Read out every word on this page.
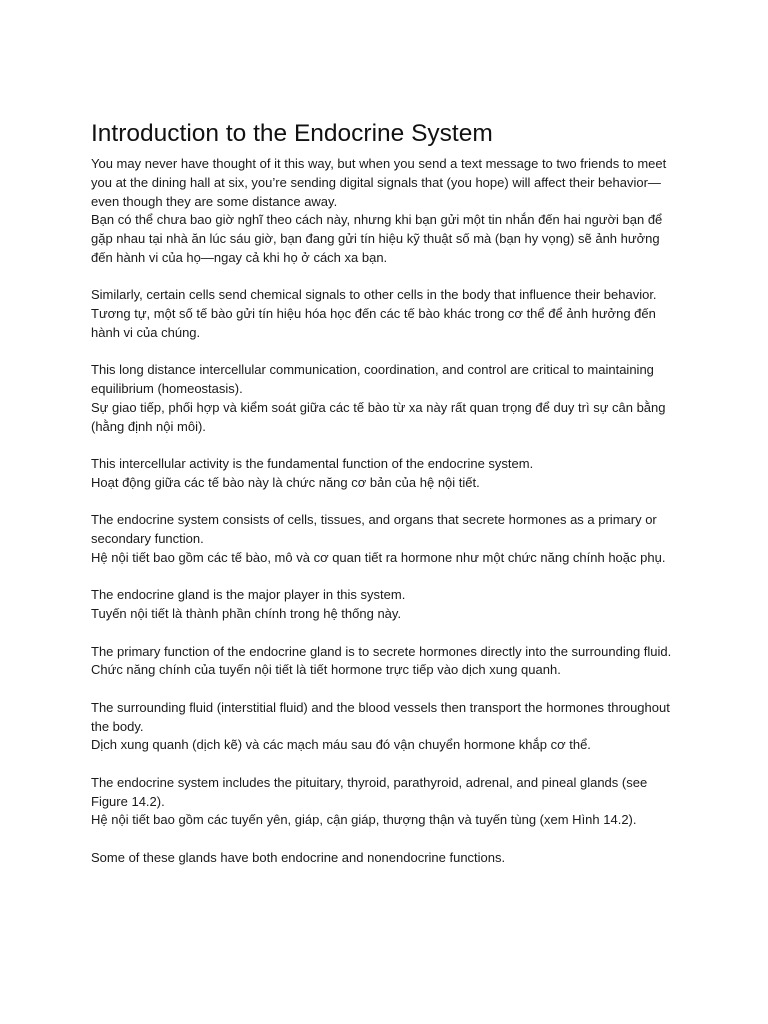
Introduction to the Endocrine System

You may never have thought of it this way, but when you send a text message to two friends to meet you at the dining hall at six, you’re sending digital signals that (you hope) will affect their behavior—even though they are some distance away.
Bạn có thể chưa bao giờ nghĩ theo cách này, nhưng khi bạn gửi một tin nhắn đến hai người bạn để gặp nhau tại nhà ăn lúc sáu giờ, bạn đang gửi tín hiệu kỹ thuật số mà (bạn hy vọng) sẽ ảnh hưởng đến hành vi của họ—ngay cả khi họ ở cách xa bạn.

Similarly, certain cells send chemical signals to other cells in the body that influence their behavior.
Tương tự, một số tế bào gửi tín hiệu hóa học đến các tế bào khác trong cơ thể để ảnh hưởng đến hành vi của chúng.

This long distance intercellular communication, coordination, and control are critical to maintaining equilibrium (homeostasis).
Sự giao tiếp, phối hợp và kiểm soát giữa các tế bào từ xa này rất quan trọng để duy trì sự cân bằng (hằng định nội môi).

This intercellular activity is the fundamental function of the endocrine system.
Hoạt động giữa các tế bào này là chức năng cơ bản của hệ nội tiết.

The endocrine system consists of cells, tissues, and organs that secrete hormones as a primary or secondary function.
Hệ nội tiết bao gồm các tế bào, mô và cơ quan tiết ra hormone như một chức năng chính hoặc phụ.

The endocrine gland is the major player in this system.
Tuyến nội tiết là thành phần chính trong hệ thống này.

The primary function of the endocrine gland is to secrete hormones directly into the surrounding fluid.
Chức năng chính của tuyến nội tiết là tiết hormone trực tiếp vào dịch xung quanh.

The surrounding fluid (interstitial fluid) and the blood vessels then transport the hormones throughout the body.
Dịch xung quanh (dịch kẽ) và các mạch máu sau đó vận chuyển hormone khắp cơ thể.

The endocrine system includes the pituitary, thyroid, parathyroid, adrenal, and pineal glands (see Figure 14.2).
Hệ nội tiết bao gồm các tuyến yên, giáp, cận giáp, thượng thận và tuyến tùng (xem Hình 14.2).

Some of these glands have both endocrine and nonendocrine functions.
